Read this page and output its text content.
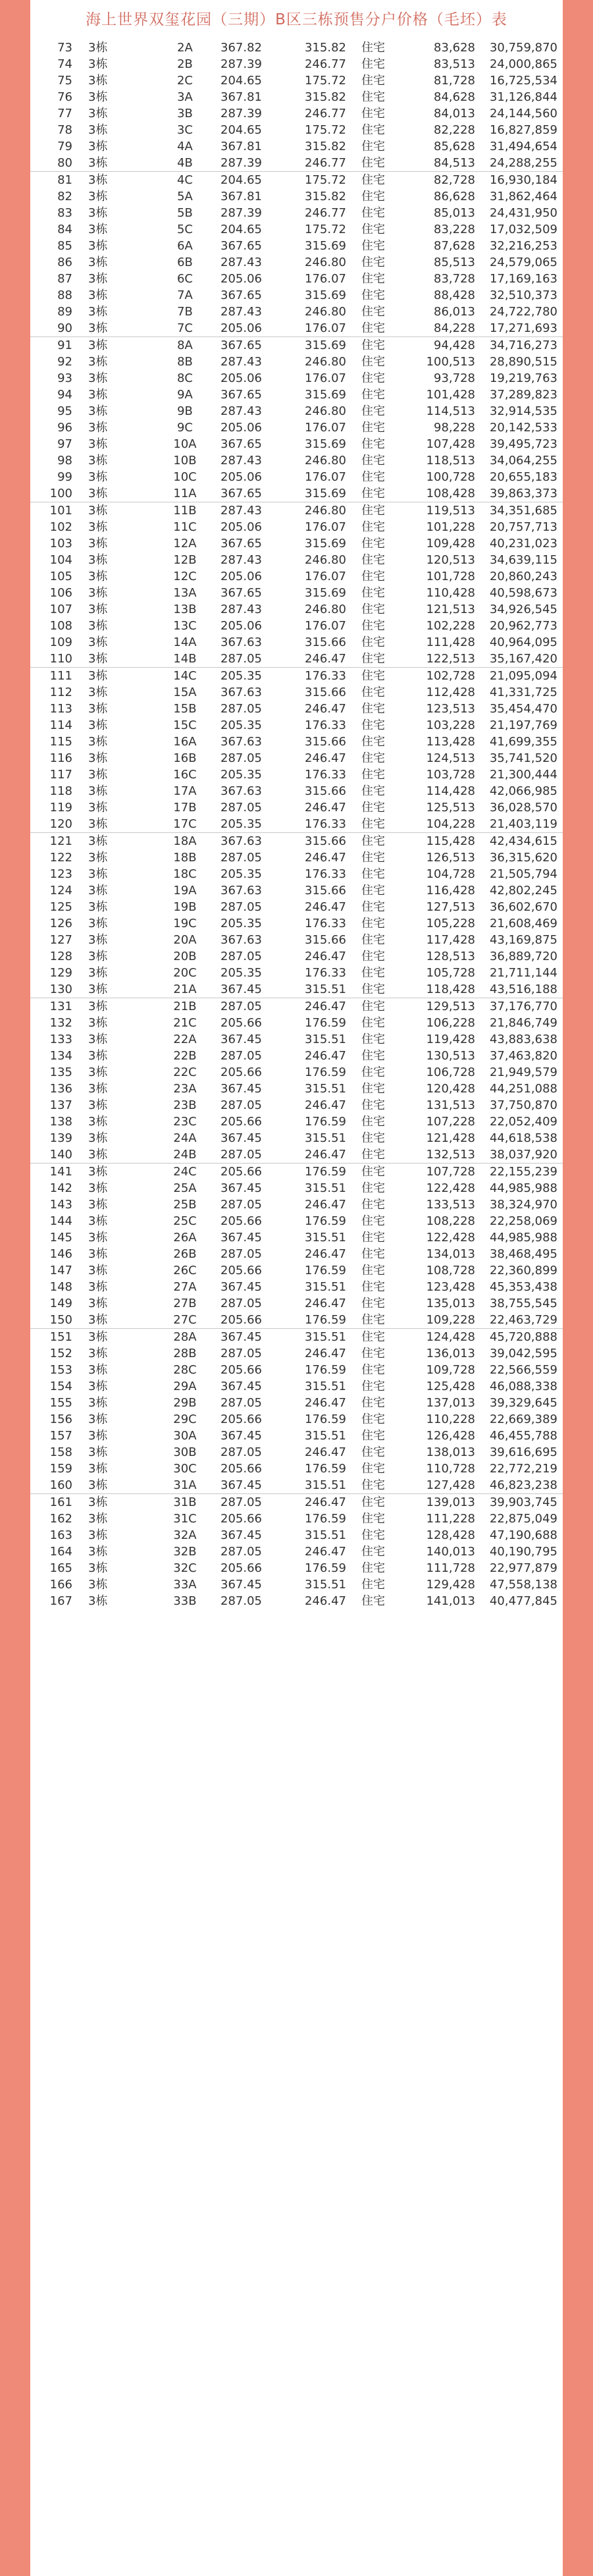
海上世界双玺花园（三期）B区三栋预售分户价格（毛坯）表
73 3栋	2A	367.82	315.82	住宅	83,628	30,759,870
74 3栋	2B	287.39	246.77	住宅	83,513	24,000,865
75 3栋	2C	204.65	175.72	住宅	81,728	16,725,534
76 3栋	3A	367.81	315.82	住宅	84,628	31,126,844
77 3栋	3B	287.39	246.77	住宅	84,013	24,144,560
78 3栋	3C	204.65	175.72	住宅	82,228	16,827,859
79 3栋	4A	367.81	315.82	住宅	85,628	31,494,654
80 3栋	4B	287.39	246.77	住宅	84,513	24,288,255
81 3栋	4C	204.65	175.72	住宅	82,728	16,930,184
82 3栋	5A	367.81	315.82	住宅	86,628	31,862,464
83 3栋	5B	287.39	246.77	住宅	85,013	24,431,950
84 3栋	5C	204.65	175.72	住宅	83,228	17,032,509
85 3栋	6A	367.65	315.69	住宅	87,628	32,216,253
86 3栋	6B	287.43	246.80	住宅	85,513	24,579,065
87 3栋	6C	205.06	176.07	住宅	83,728	17,169,163
88 3栋	7A	367.65	315.69	住宅	88,428	32,510,373
89 3栋	7B	287.43	246.80	住宅	86,013	24,722,780
90 3栋	7C	205.06	176.07	住宅	84,228	17,271,693
91 3栋	8A	367.65	315.69	住宅	94,428	34,716,273
92 3栋	8B	287.43	246.80	住宅	100,513	28,890,515
93 3栋	8C	205.06	176.07	住宅	93,728	19,219,763
94 3栋	9A	367.65	315.69	住宅	101,428	37,289,823
95 3栋	9B	287.43	246.80	住宅	114,513	32,914,535
96 3栋	9C	205.06	176.07	住宅	98,228	20,142,533
97 3栋	10A	367.65	315.69	住宅	107,428	39,495,723
98 3栋	10B	287.43	246.80	住宅	118,513	34,064,255
99 3栋	10C	205.06	176.07	住宅	100,728	20,655,183
100 3栋	11A	367.65	315.69	住宅	108,428	39,863,373
101 3栋	11B	287.43	246.80	住宅	119,513	34,351,685
102 3栋	11C	205.06	176.07	住宅	101,228	20,757,713
103 3栋	12A	367.65	315.69	住宅	109,428	40,231,023
104 3栋	12B	287.43	246.80	住宅	120,513	34,639,115
105 3栋	12C	205.06	176.07	住宅	101,728	20,860,243
106 3栋	13A	367.65	315.69	住宅	110,428	40,598,673
107 3栋	13B	287.43	246.80	住宅	121,513	34,926,545
108 3栋	13C	205.06	176.07	住宅	102,228	20,962,773
109 3栋	14A	367.63	315.66	住宅	111,428	40,964,095
110 3栋	14B	287.05	246.47	住宅	122,513	35,167,420
111 3栋	14C	205.35	176.33	住宅	102,728	21,095,094
112 3栋	15A	367.63	315.66	住宅	112,428	41,331,725
113 3栋	15B	287.05	246.47	住宅	123,513	35,454,470
114 3栋	15C	205.35	176.33	住宅	103,228	21,197,769
115 3栋	16A	367.63	315.66	住宅	113,428	41,699,355
116 3栋	16B	287.05	246.47	住宅	124,513	35,741,520
117 3栋	16C	205.35	176.33	住宅	103,728	21,300,444
118 3栋	17A	367.63	315.66	住宅	114,428	42,066,985
119 3栋	17B	287.05	246.47	住宅	125,513	36,028,570
120 3栋	17C	205.35	176.33	住宅	104,228	21,403,119
121 3栋	18A	367.63	315.66	住宅	115,428	42,434,615
122 3栋	18B	287.05	246.47	住宅	126,513	36,315,620
123 3栋	18C	205.35	176.33	住宅	104,728	21,505,794
124 3栋	19A	367.63	315.66	住宅	116,428	42,802,245
125 3栋	19B	287.05	246.47	住宅	127,513	36,602,670
126 3栋	19C	205.35	176.33	住宅	105,228	21,608,469
127 3栋	20A	367.63	315.66	住宅	117,428	43,169,875
128 3栋	20B	287.05	246.47	住宅	128,513	36,889,720
129 3栋	20C	205.35	176.33	住宅	105,728	21,711,144
130 3栋	21A	367.45	315.51	住宅	118,428	43,516,188
131 3栋	21B	287.05	246.47	住宅	129,513	37,176,770
132 3栋	21C	205.66	176.59	住宅	106,228	21,846,749
133 3栋	22A	367.45	315.51	住宅	119,428	43,883,638
134 3栋	22B	287.05	246.47	住宅	130,513	37,463,820
135 3栋	22C	205.66	176.59	住宅	106,728	21,949,579
136 3栋	23A	367.45	315.51	住宅	120,428	44,251,088
137 3栋	23B	287.05	246.47	住宅	131,513	37,750,870
138 3栋	23C	205.66	176.59	住宅	107,228	22,052,409
139 3栋	24A	367.45	315.51	住宅	121,428	44,618,538
140 3栋	24B	287.05	246.47	住宅	132,513	38,037,920
141 3栋	24C	205.66	176.59	住宅	107,728	22,155,239
142 3栋	25A	367.45	315.51	住宅	122,428	44,985,988
143 3栋	25B	287.05	246.47	住宅	133,513	38,324,970
144 3栋	25C	205.66	176.59	住宅	108,228	22,258,069
145 3栋	26A	367.45	315.51	住宅	122,428	44,985,988
146 3栋	26B	287.05	246.47	住宅	134,013	38,468,495
147 3栋	26C	205.66	176.59	住宅	108,728	22,360,899
148 3栋	27A	367.45	315.51	住宅	123,428	45,353,438
149 3栋	27B	287.05	246.47	住宅	135,013	38,755,545
150 3栋	27C	205.66	176.59	住宅	109,228	22,463,729
151 3栋	28A	367.45	315.51	住宅	124,428	45,720,888
152 3栋	28B	287.05	246.47	住宅	136,013	39,042,595
153 3栋	28C	205.66	176.59	住宅	109,728	22,566,559
154 3栋	29A	367.45	315.51	住宅	125,428	46,088,338
155 3栋	29B	287.05	246.47	住宅	137,013	39,329,645
156 3栋	29C	205.66	176.59	住宅	110,228	22,669,389
157 3栋	30A	367.45	315.51	住宅	126,428	46,455,788
158 3栋	30B	287.05	246.47	住宅	138,013	39,616,695
159 3栋	30C	205.66	176.59	住宅	110,728	22,772,219
160 3栋	31A	367.45	315.51	住宅	127,428	46,823,238
161 3栋	31B	287.05	246.47	住宅	139,013	39,903,745
162 3栋	31C	205.66	176.59	住宅	111,228	22,875,049
163 3栋	32A	367.45	315.51	住宅	128,428	47,190,688
164 3栋	32B	287.05	246.47	住宅	140,013	40,190,795
165 3栋	32C	205.66	176.59	住宅	111,728	22,977,879
166 3栋	33A	367.45	315.51	住宅	129,428	47,558,138
167 3栋	33B	287.05	246.47	住宅	141,013	40,477,845
